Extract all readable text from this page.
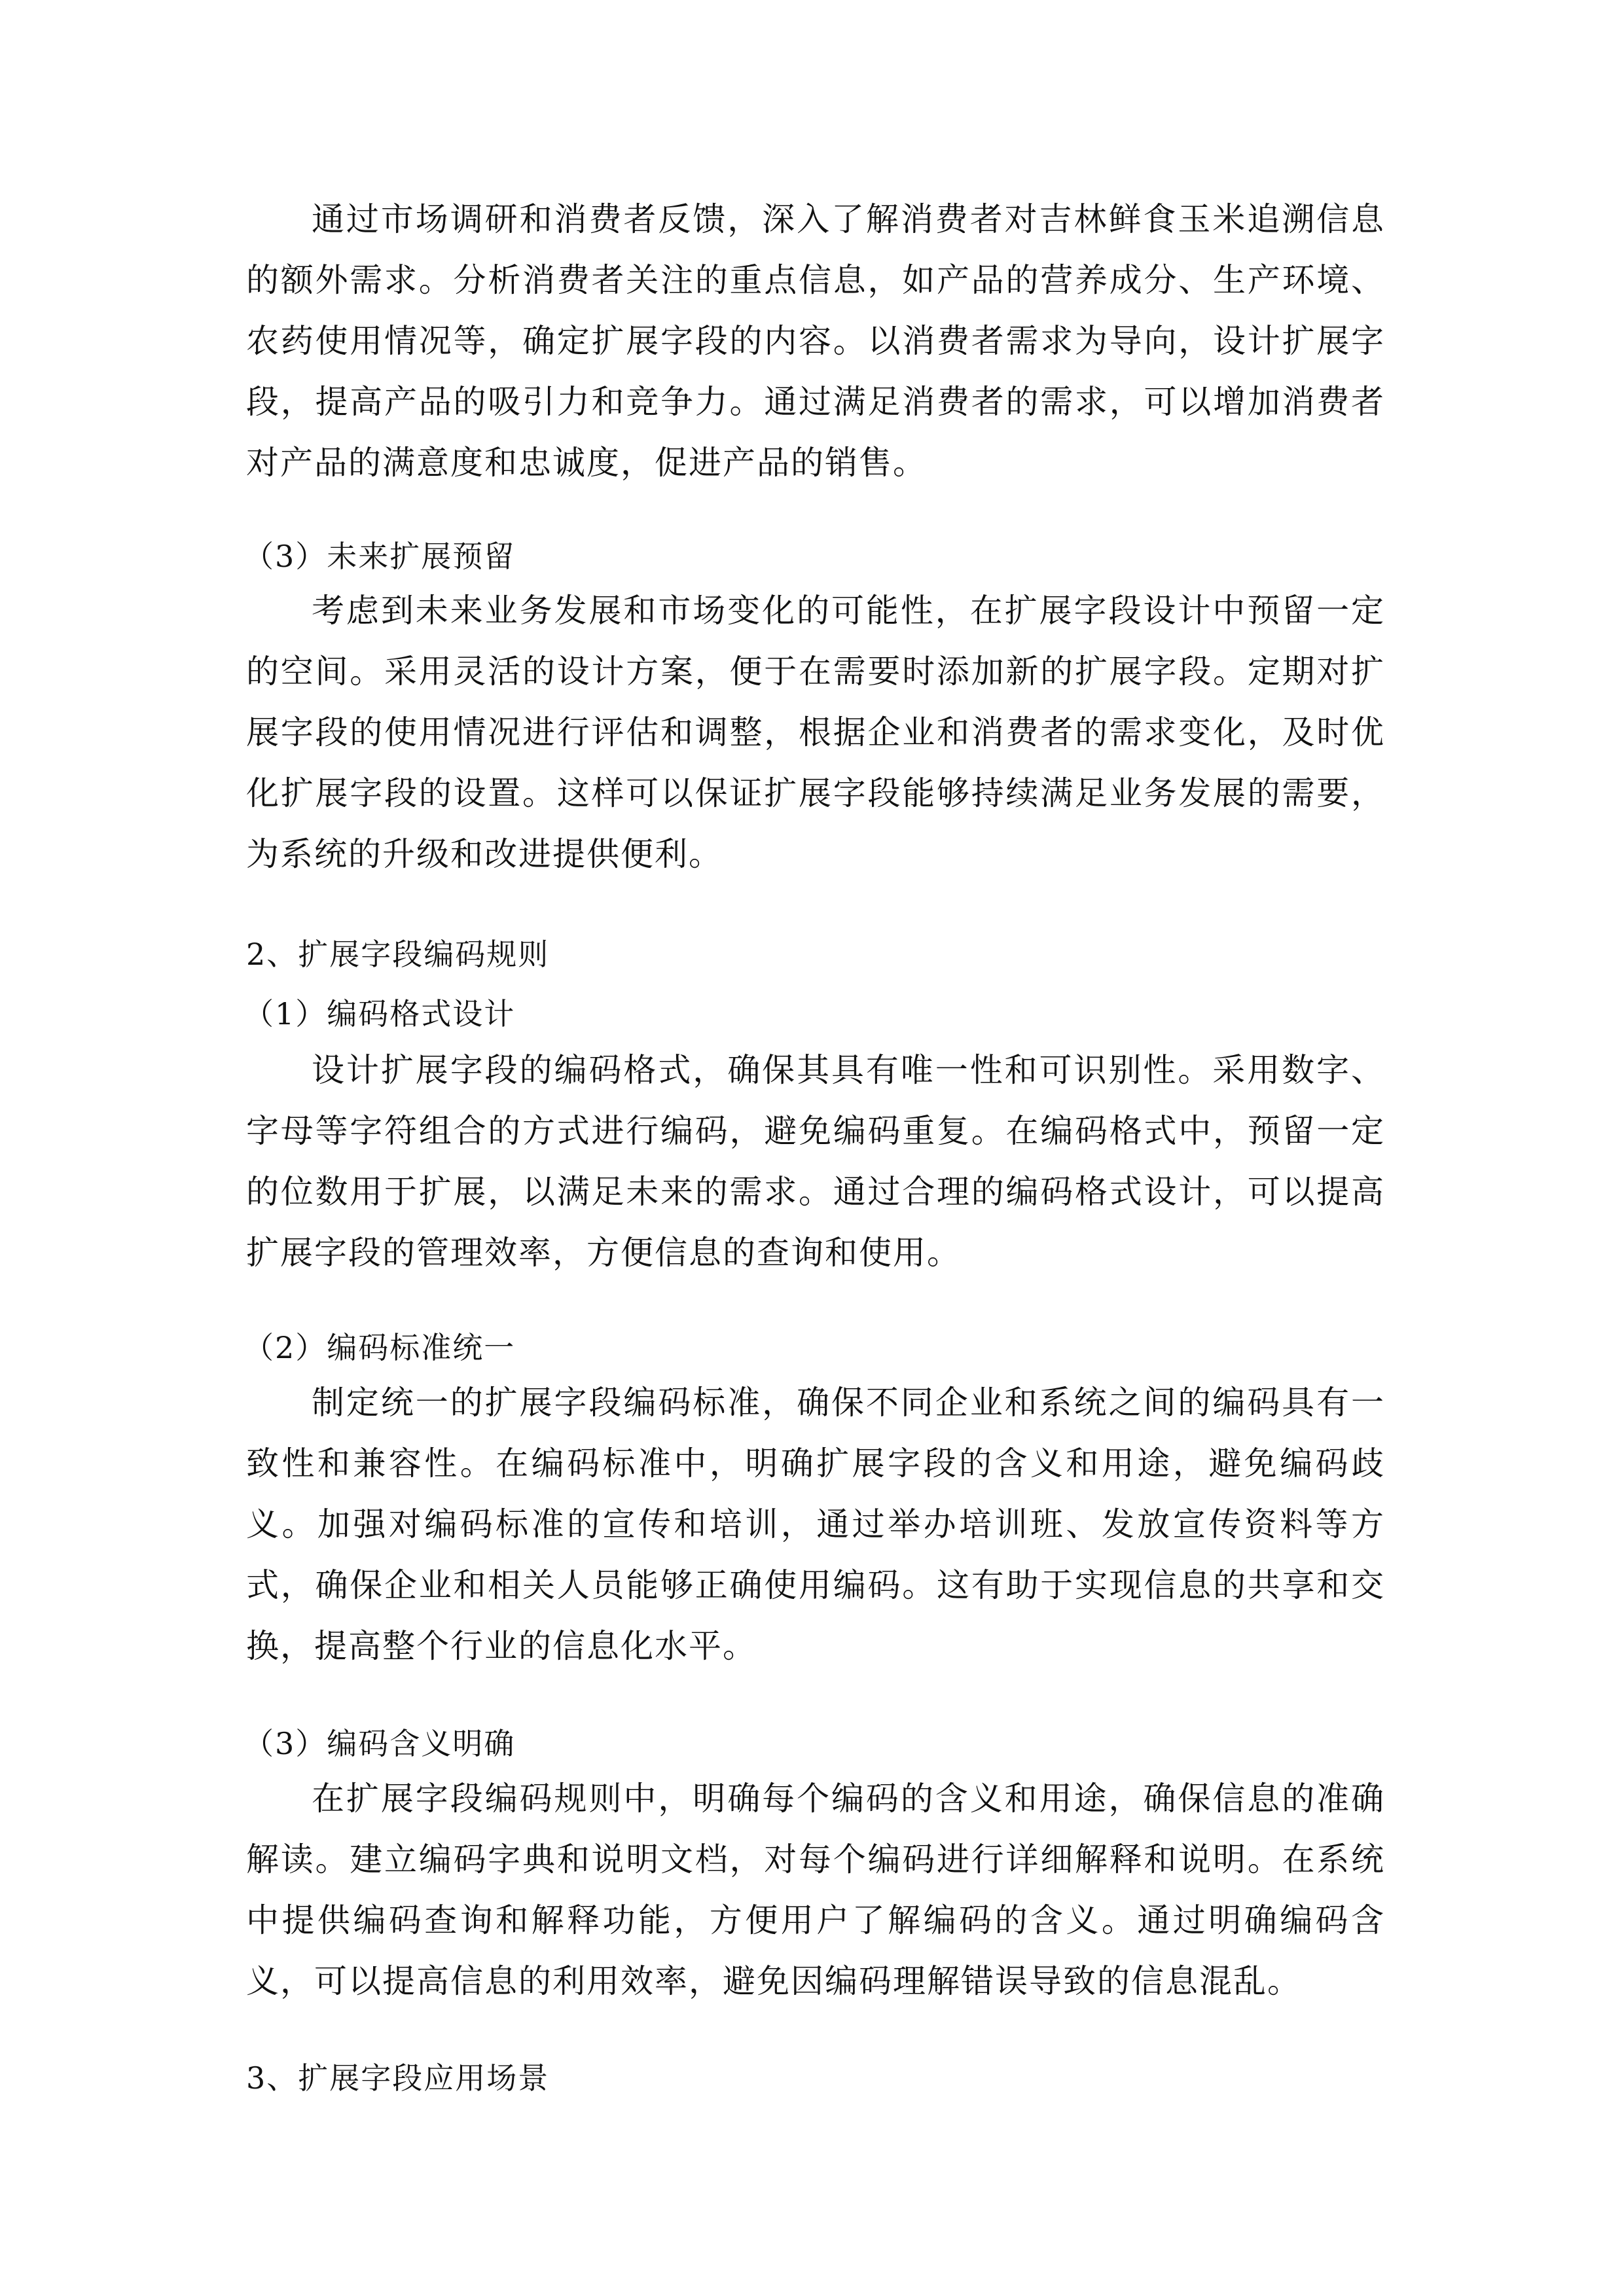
通过市场调研和消费者反馈，深入了解消费者对吉林鲜食玉米追溯信息的额外需求。分析消费者关注的重点信息，如产品的营养成分、生产环境、农药使用情况等，确定扩展字段的内容。以消费者需求为导向，设计扩展字段，提高产品的吸引力和竞争力。通过满足消费者的需求，可以增加消费者对产品的满意度和忠诚度，促进产品的销售。

（3）未来扩展预留

考虑到未来业务发展和市场变化的可能性，在扩展字段设计中预留一定的空间。采用灵活的设计方案，便于在需要时添加新的扩展字段。定期对扩展字段的使用情况进行评估和调整，根据企业和消费者的需求变化，及时优化扩展字段的设置。这样可以保证扩展字段能够持续满足业务发展的需要，为系统的升级和改进提供便利。

2、扩展字段编码规则

（1）编码格式设计

设计扩展字段的编码格式，确保其具有唯一性和可识别性。采用数字、字母等字符组合的方式进行编码，避免编码重复。在编码格式中，预留一定的位数用于扩展，以满足未来的需求。通过合理的编码格式设计，可以提高扩展字段的管理效率，方便信息的查询和使用。

（2）编码标准统一

制定统一的扩展字段编码标准，确保不同企业和系统之间的编码具有一致性和兼容性。在编码标准中，明确扩展字段的含义和用途，避免编码歧义。加强对编码标准的宣传和培训，通过举办培训班、发放宣传资料等方式，确保企业和相关人员能够正确使用编码。这有助于实现信息的共享和交换，提高整个行业的信息化水平。

（3）编码含义明确

在扩展字段编码规则中，明确每个编码的含义和用途，确保信息的准确解读。建立编码字典和说明文档，对每个编码进行详细解释和说明。在系统中提供编码查询和解释功能，方便用户了解编码的含义。通过明确编码含义，可以提高信息的利用效率，避免因编码理解错误导致的信息混乱。

3、扩展字段应用场景
